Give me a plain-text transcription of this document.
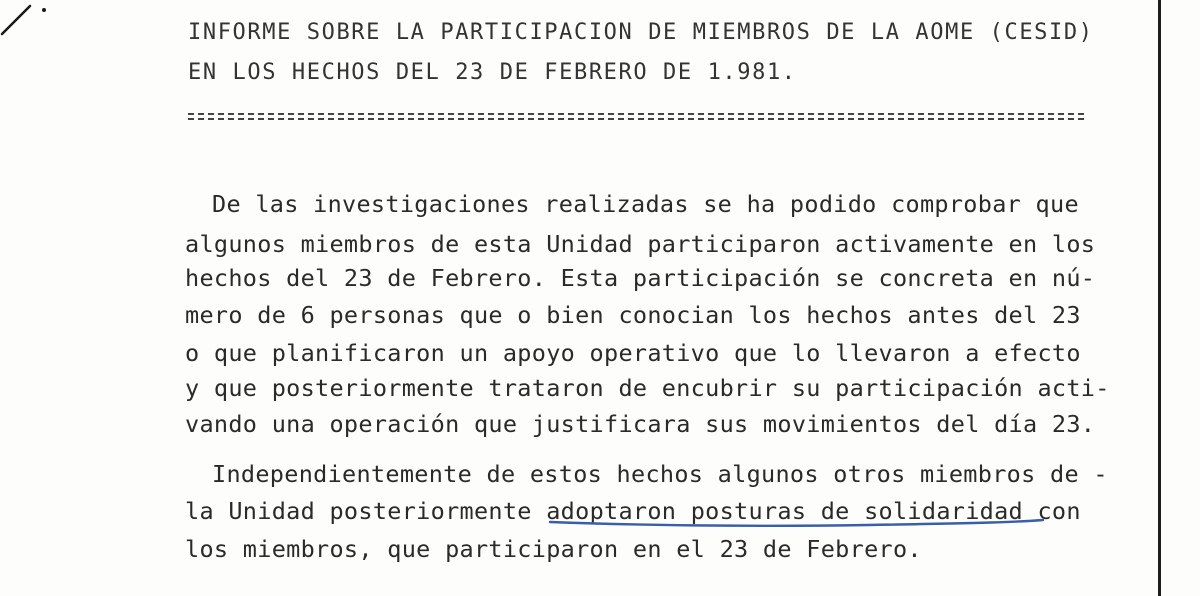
INFORME SOBRE LA PARTICIPACION DE MIEMBROS DE LA AOME (CESID)
EN LOS HECHOS DEL 23 DE FEBRERO DE 1.981.
De las investigaciones realizadas se ha podido comprobar que
algunos miembros de esta Unidad participaron activamente en los
hechos del 23 de Febrero. Esta participación se concreta en nú-
mero de 6 personas que o bien conocian los hechos antes del 23
o que planificaron un apoyo operativo que lo llevaron a efecto
y que posteriormente trataron de encubrir su participación acti-
vando una operación que justificara sus movimientos del día 23.
Independientemente de estos hechos algunos otros miembros de -
la Unidad posteriormente adoptaron posturas de solidaridad con
los miembros, que participaron en el 23 de Febrero.
